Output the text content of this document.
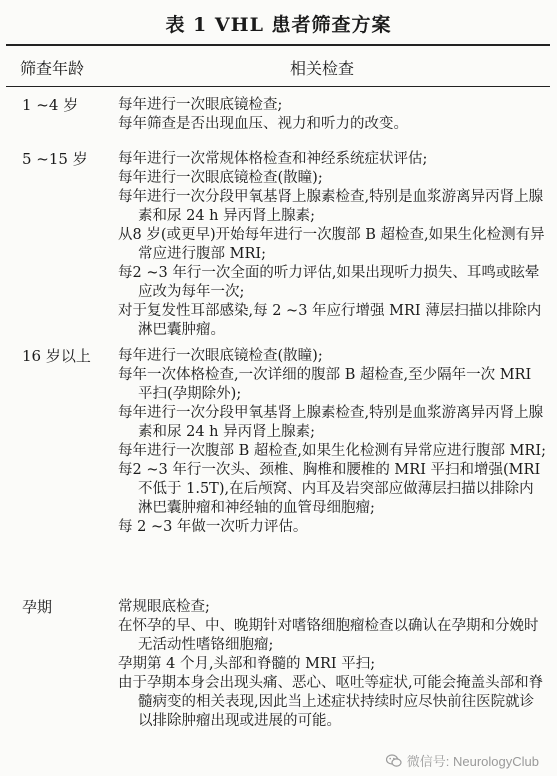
表 1 VHL 患者筛查方案
筛查年龄	相关检查
1 ~4 岁	每年进行一次眼底镜检查;
每年筛查是否出现血压、视力和听力的改变。
5 ~15 岁 每年进行一次常规体格检查和神经系统症状评估;
每年进行一次眼底镜检查(散瞳);
每年进行一次分段甲氧基肾上腺素检查,特别是血浆游离异丙肾上腺素和尿 24 h 异丙肾上腺素;
从8 岁(或更早)开始每年进行一次腹部 B 超检查,如果生化检测有异常应进行腹部 MRI;
每2 ~3 年行一次全面的听力评估,如果出现听力损失、耳鸣或眩晕应改为每年一次;
对于复发性耳部感染,每 2 ~3 年应行增强 MRI 薄层扫描以排除内淋巴囊肿瘤。
16 岁以上 每年进行一次眼底镜检查(散瞳);
每年一次体格检查,一次详细的腹部 B 超检查,至少隔年一次 MRI 平扫(孕期除外);
每年进行一次分段甲氧基肾上腺素检查,特别是血浆游离异丙肾上腺素和尿 24 h 异丙肾上腺素;
每年进行一次腹部 B 超检查,如果生化检测有异常应进行腹部 MRI;
每2 ~3 年行一次头、颈椎、胸椎和腰椎的 MRI 平扫和增强(MRI 不低于 1.5T),在后颅窝、内耳及岩突部应做薄层扫描以排除内淋巴囊肿瘤和神经轴的血管母细胞瘤;
每 2 ~3 年做一次听力评估。
孕期	常规眼底检查;
在怀孕的早、中、晚期针对嗜铬细胞瘤检查以确认在孕期和分娩时无活动性嗜铬细胞瘤;
孕期第 4 个月,头部和脊髓的 MRI 平扫;
由于孕期本身会出现头痛、恶心、呕吐等症状,可能会掩盖头部和脊髓病变的相关表现,因此当上述症状持续时应尽快前往医院就诊以排除肿瘤出现或进展的可能。
微信号: NeurologyClub
